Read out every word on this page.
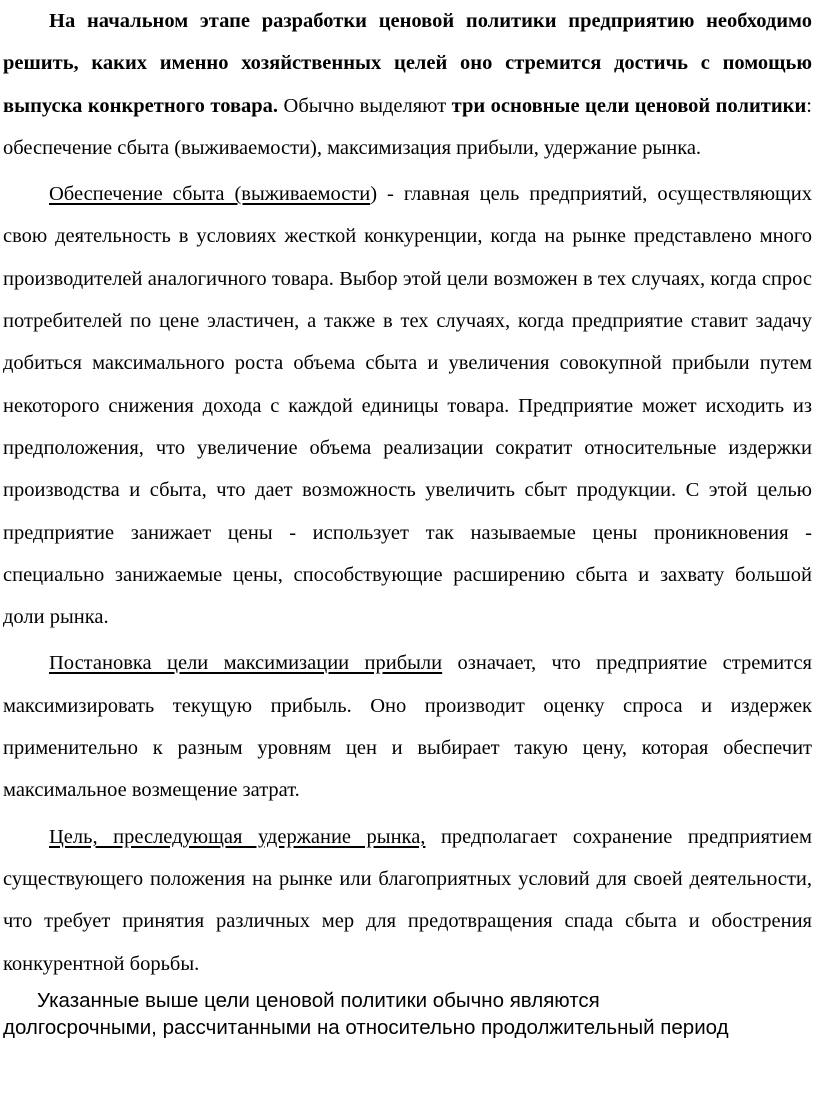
На начальном этапе разработки ценовой политики предприятию необходимо решить, каких именно хозяйственных целей оно стремится достичь с помощью выпуска конкретного товара. Обычно выделяют три основные цели ценовой политики: обеспечение сбыта (выживаемости), максимизация прибыли, удержание рынка.

Обеспечение сбыта (выживаемости) - главная цель предприятий, осуществляющих свою деятельность в условиях жесткой конкуренции, когда на рынке представлено много производителей аналогичного товара. Выбор этой цели возможен в тех случаях, когда спрос потребителей по цене эластичен, а также в тех случаях, когда предприятие ставит задачу добиться максимального роста объема сбыта и увеличения совокупной прибыли путем некоторого снижения дохода с каждой единицы товара. Предприятие может исходить из предположения, что увеличение объема реализации сократит относительные издержки производства и сбыта, что дает возможность увеличить сбыт продукции. С этой целью предприятие занижает цены - использует так называемые цены проникновения - специально занижаемые цены, способствующие расширению сбыта и захвату большой доли рынка.

Постановка цели максимизации прибыли означает, что предприятие стремится максимизировать текущую прибыль. Оно производит оценку спроса и издержек применительно к разным уровням цен и выбирает такую цену, которая обеспечит максимальное возмещение затрат.

Цель, преследующая удержание рынка, предполагает сохранение предприятием существующего положения на рынке или благоприятных условий для своей деятельности, что требует принятия различных мер для предотвращения спада сбыта и обострения конкурентной борьбы.

Указанные выше цели ценовой политики обычно являются
долгосрочными, рассчитанными на относительно продолжительный период
